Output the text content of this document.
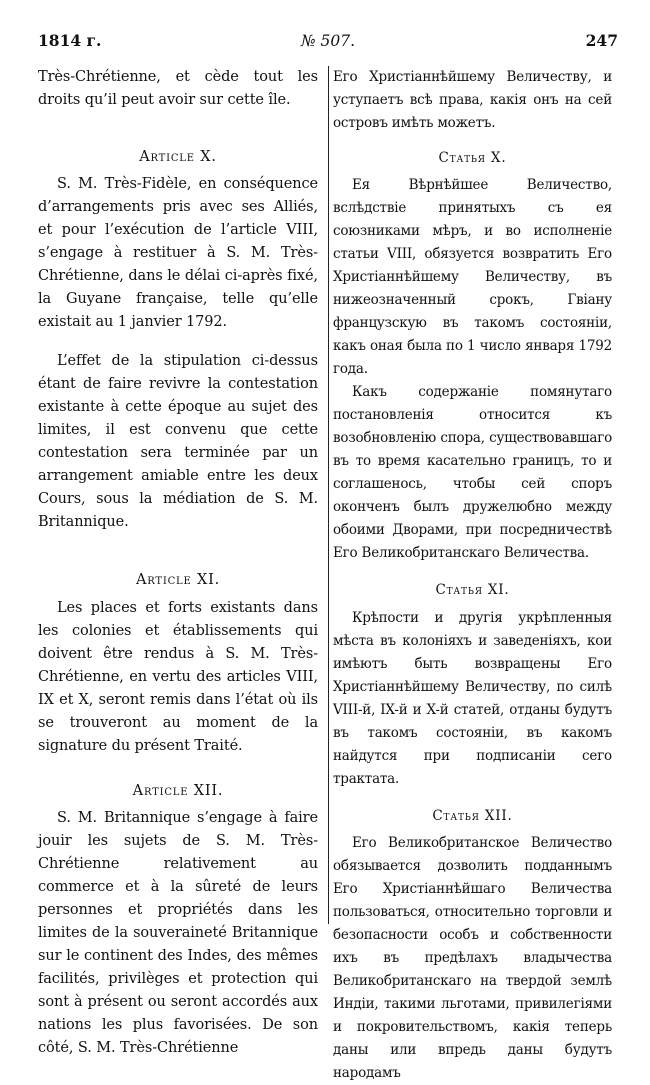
1814 г.	№ 507.	247

Très-Chrétienne, et cède tout les droits qu’il peut avoir sur cette île.

Article X.

S. M. Très-Fidèle, en conséquence d’arrangements pris avec ses Alliés, et pour l’exécution de l’article VIII, s’engage à restituer à S. M. Très-Chrétienne, dans le délai ci-après fixé, la Guyane française, telle qu’elle existait au 1 janvier 1792.

L’effet de la stipulation ci-dessus étant de faire revivre la contestation existante à cette époque au sujet des limites, il est convenu que cette contestation sera terminée par un arrangement amiable entre les deux Cours, sous la médiation de S. M. Britannique.

Article XI.

Les places et forts existants dans les colonies et établissements qui doivent être rendus à S. M. Très-Chrétienne, en vertu des articles VIII, IX et X, seront remis dans l’état où ils se trouveront au moment de la signature du présent Traité.

Article XII.

S. M. Britannique s’engage à faire jouir les sujets de S. M. Très-Chrétienne relativement au commerce et à la sûreté de leurs personnes et propriétés dans les limites de la souveraineté Britannique sur le continent des Indes, des mêmes facilités, privilèges et protection qui sont à présent ou seront accordés aux nations les plus favorisées. De son côté, S. M. Très-Chrétienne

Его Христіаннѣйшему Величеству, и уступаетъ всѣ права, какія онъ на сей островъ имѣть можетъ.

Статья X.

Ея Вѣрнѣйшее Величество, вслѣдствіе принятыхъ съ ея союзниками мѣръ, и во исполненіе статьи VIII, обязуется возвратить Его Христіаннѣйшему Величеству, въ нижеозначенный срокъ, Гвіану французскую въ такомъ состояніи, какъ оная была по 1 число января 1792 года.

Какъ содержаніе помянутаго постановленія относится къ возобновленію спора, существовавшаго въ то время касательно границъ, то и соглашенось, чтобы сей споръ оконченъ былъ дружелюбно между обоими Дворами, при посредничествѣ Его Великобританскаго Величества.

Статья XI.

Крѣпости и другія укрѣпленныя мѣста въ колоніяхъ и заведеніяхъ, кои имѣютъ быть возвращены Его Христіаннѣйшему Величеству, по силѣ VIII-й, IX-й и X-й статей, отданы будутъ въ такомъ состояніи, въ какомъ найдутся при подписаніи сего трактата.

Статья XII.

Его Великобританское Величество обязывается дозволить подданнымъ Его Христіаннѣйшаго Величества пользоваться, относительно торговли и безопасности особъ и собственности ихъ въ предѣлахъ владычества Великобританскаго на твердой землѣ Индіи, такими льготами, привилегіями и покровительствомъ, какія теперь даны или впредь даны будутъ народамъ
